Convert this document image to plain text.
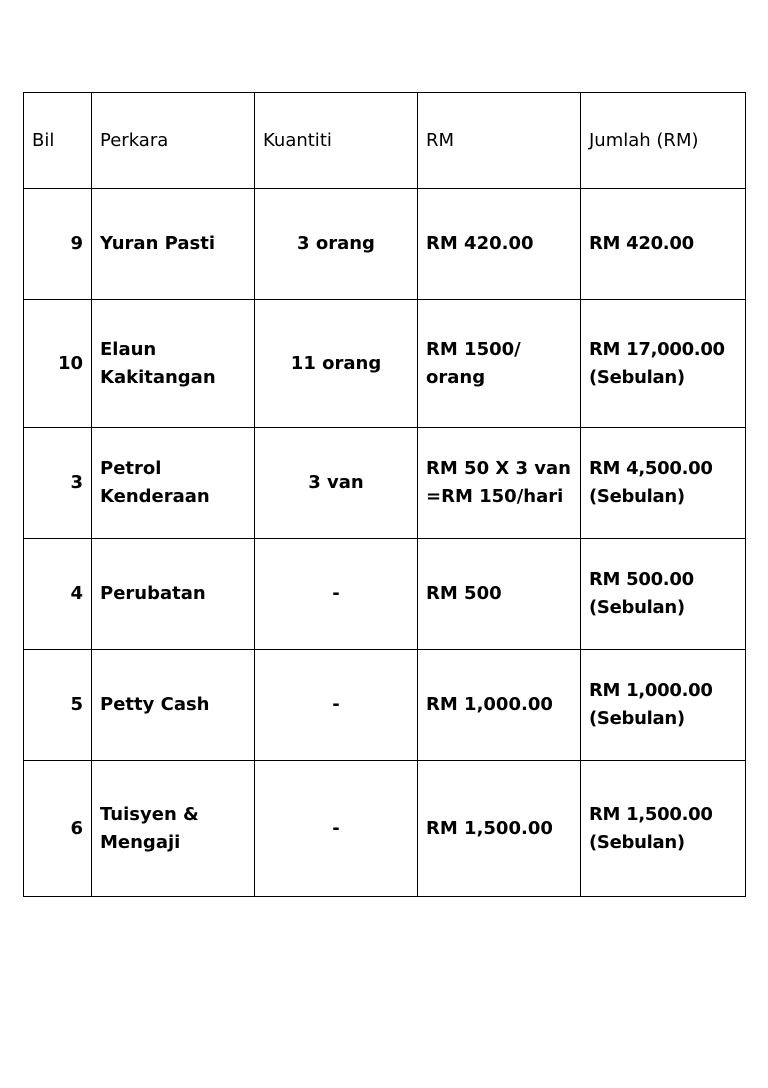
Bil	Perkara	Kuantiti	RM	Jumlah (RM)
9	Yuran Pasti	3 orang	RM 420.00	RM 420.00

10	Elaun
Kakitangan	11 orang	RM 1500/
orang	RM 17,000.00
(Sebulan)

3	Petrol
Kenderaan	3 van	RM 50 X 3 van
=RM 150/hari	RM 4,500.00
(Sebulan)

4	Perubatan	-	RM 500	RM 500.00
(Sebulan)

5	Petty Cash	-	RM 1,000.00	RM 1,000.00
(Sebulan)

6	Tuisyen &
Mengaji	-	RM 1,500.00	RM 1,500.00
(Sebulan)
